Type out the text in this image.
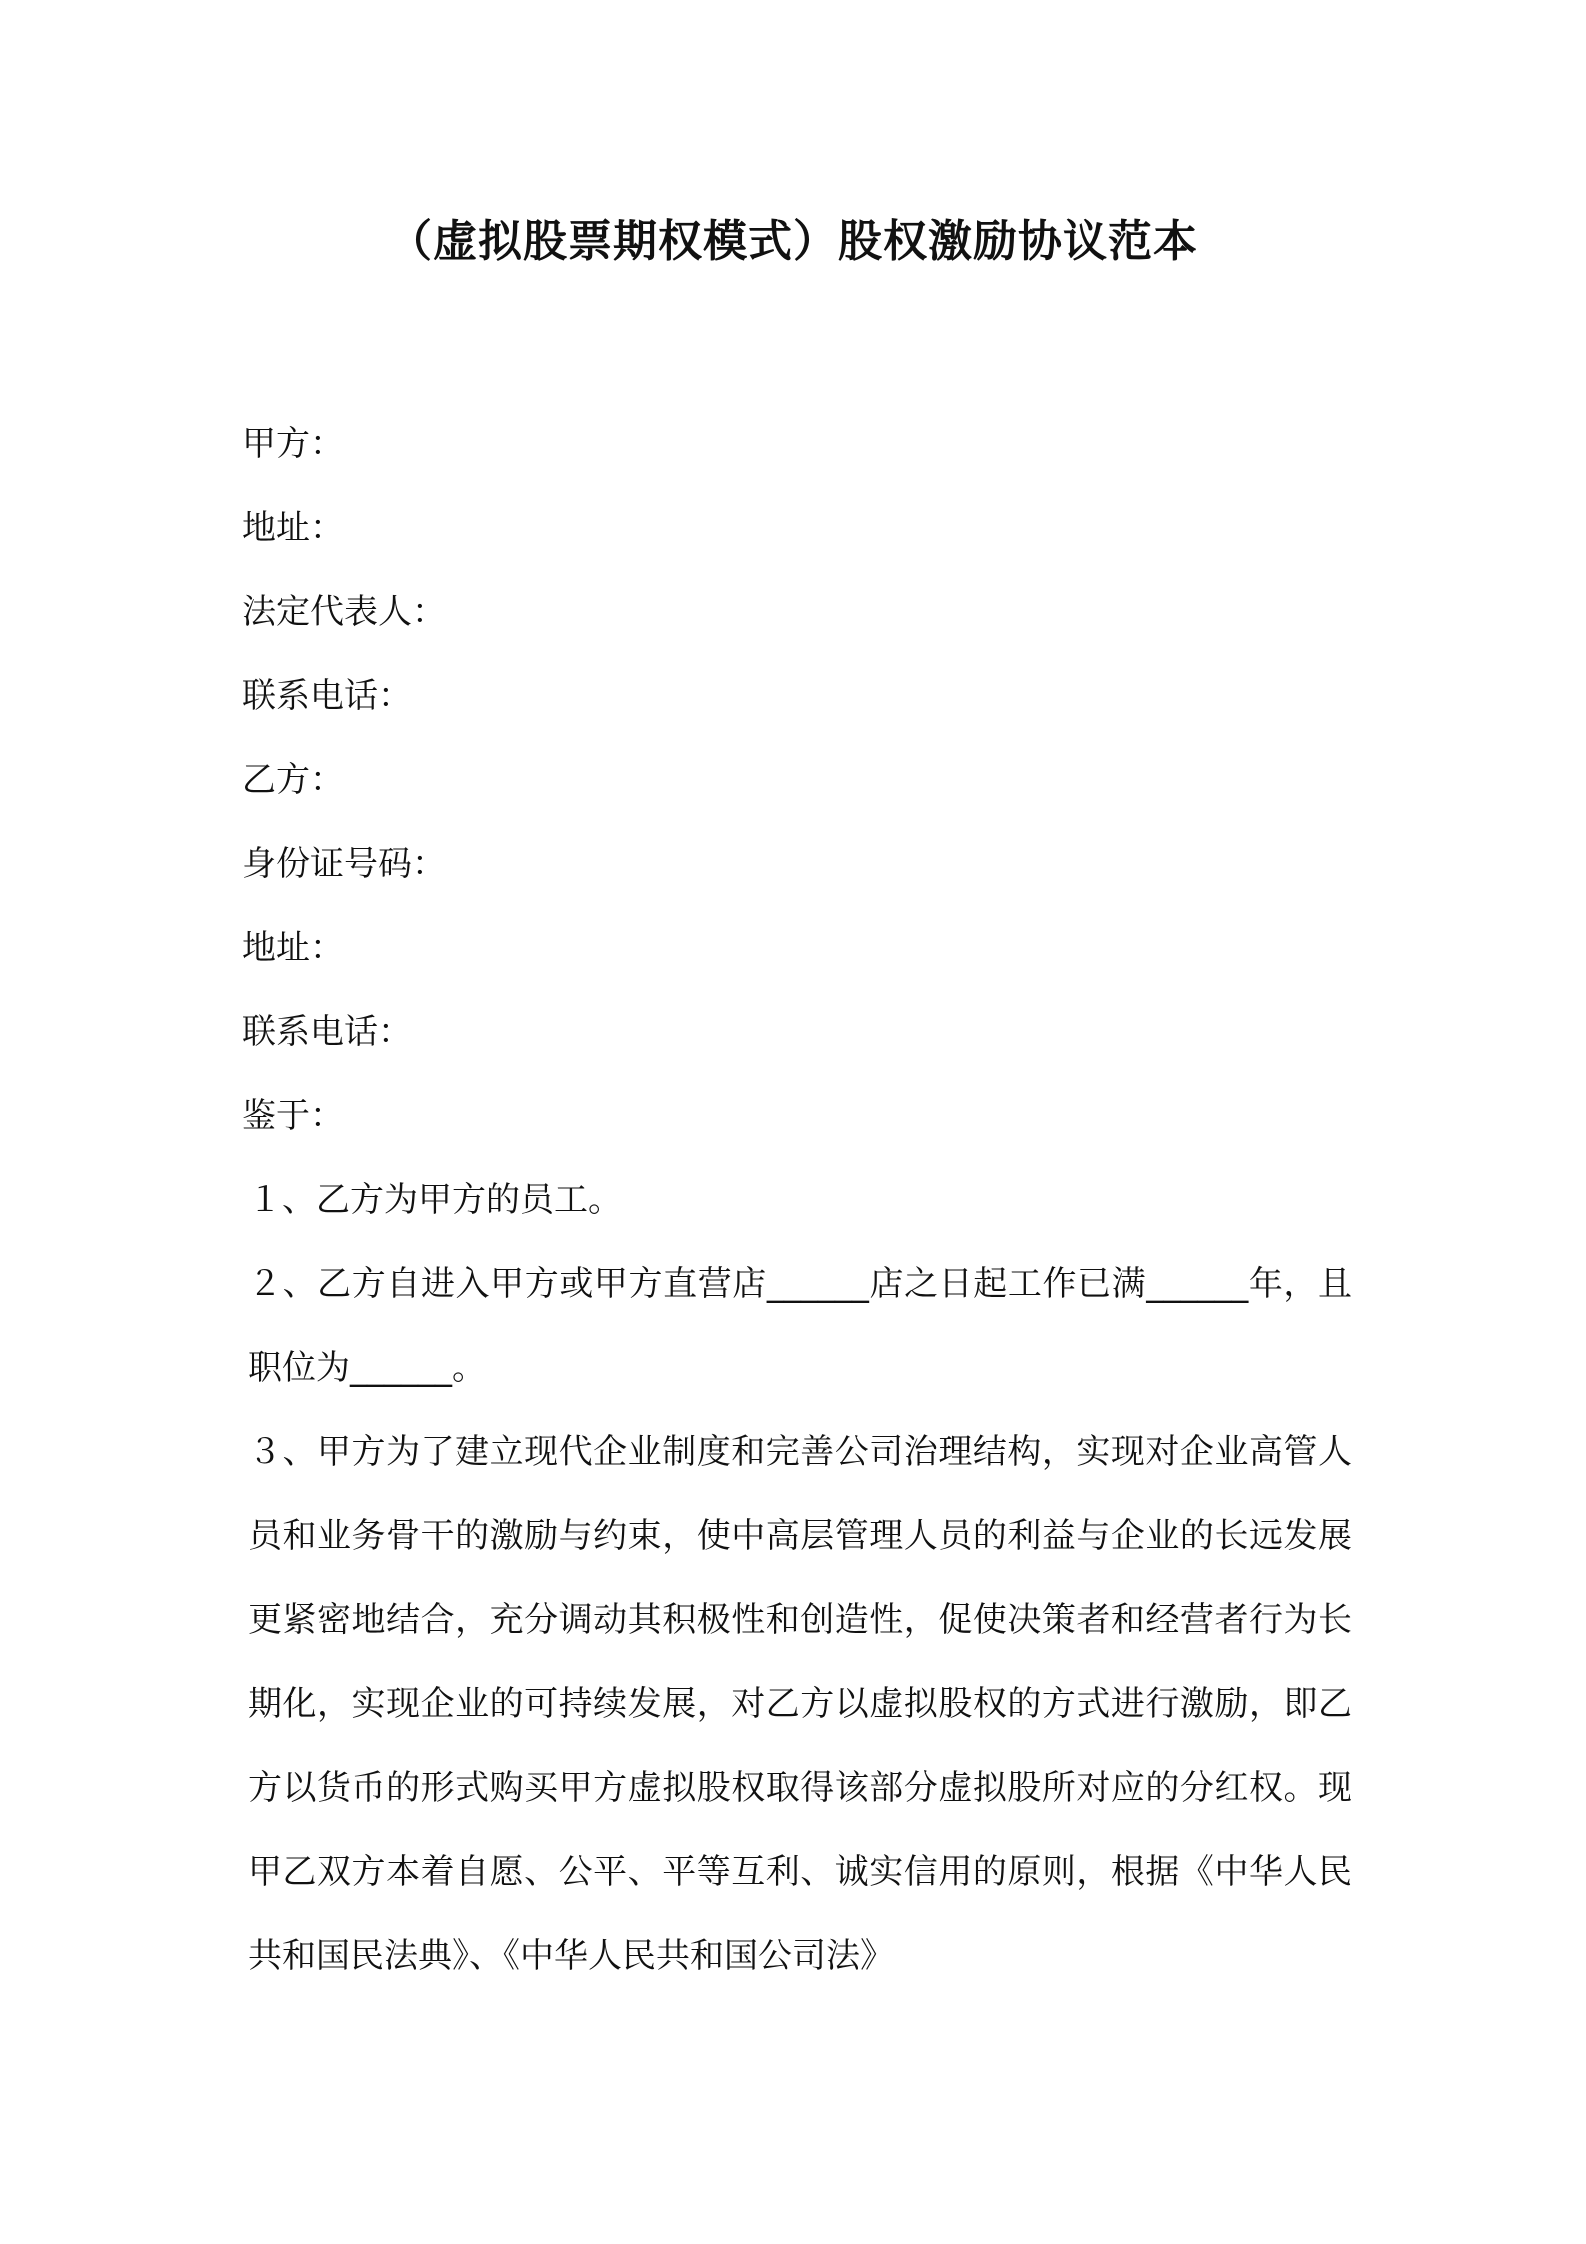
（虚拟股票期权模式）股权激励协议范本
甲方：
地址：
法定代表人：
联系电话：
乙方：
身份证号码：
地址：
联系电话：
鉴于：
１、乙方为甲方的员工。
２、乙方自进入甲方或甲方直营店______店之日起工作已满______年，且职位为______。
３、甲方为了建立现代企业制度和完善公司治理结构，实现对企业高管人员和业务骨干的激励与约束，使中高层管理人员的利益与企业的长远发展更紧密地结合，充分调动其积极性和创造性，促使决策者和经营者行为长期化，实现企业的可持续发展，对乙方以虚拟股权的方式进行激励，即乙方以货币的形式购买甲方虚拟股权取得该部分虚拟股所对应的分红权。现甲乙双方本着自愿、公平、平等互利、诚实信用的原则，根据《中华人民共和国民法典》、《中华人民共和国公司法》
